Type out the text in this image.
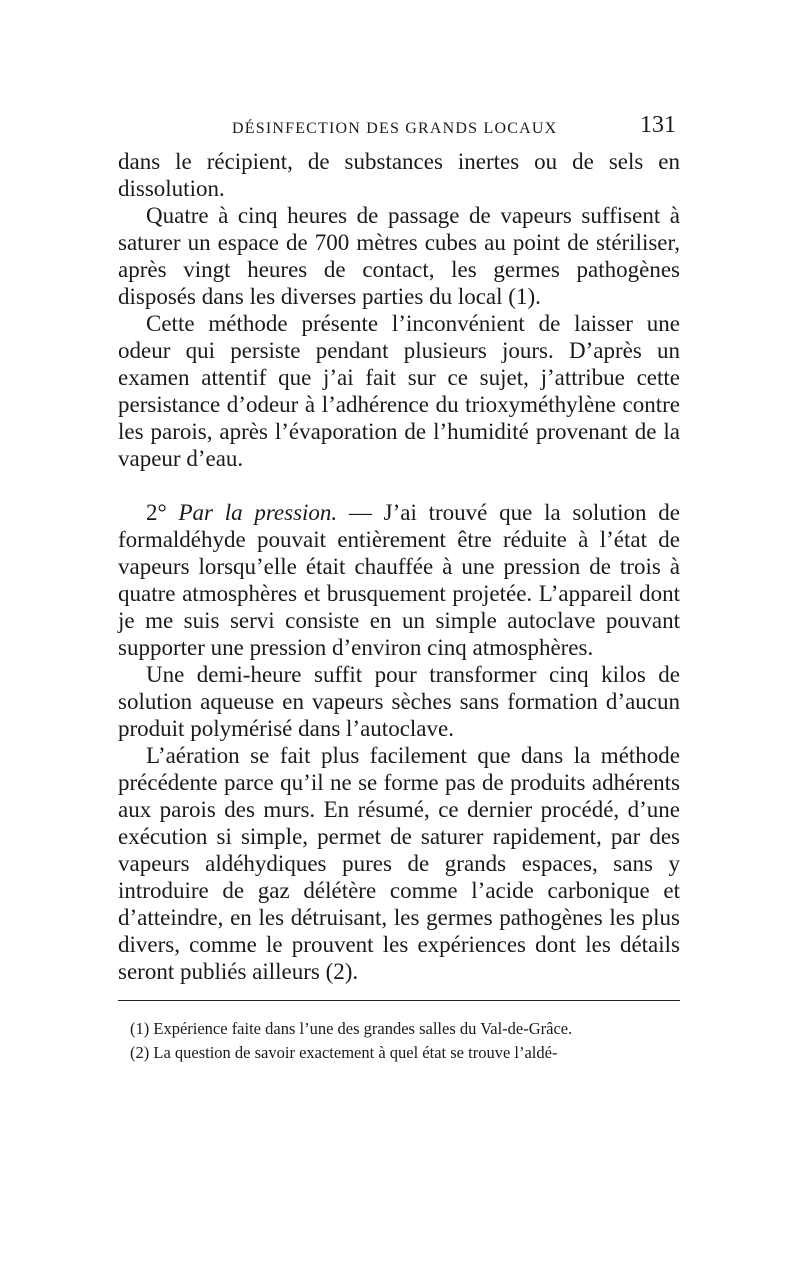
DÉSINFECTION DES GRANDS LOCAUX	131

dans le récipient, de substances inertes ou de sels en dissolution.

Quatre à cinq heures de passage de vapeurs suffisent à saturer un espace de 700 mètres cubes au point de stériliser, après vingt heures de contact, les germes pathogènes disposés dans les diverses parties du local (1).

Cette méthode présente l’inconvénient de laisser une odeur qui persiste pendant plusieurs jours. D’après un examen attentif que j’ai fait sur ce sujet, j’attribue cette persistance d’odeur à l’adhérence du trioxyméthylène contre les parois, après l’évaporation de l’humidité provenant de la vapeur d’eau.

2° Par la pression. — J’ai trouvé que la solution de formaldéhyde pouvait entièrement être réduite à l’état de vapeurs lorsqu’elle était chauffée à une pression de trois à quatre atmosphères et brusquement projetée. L’appareil dont je me suis servi consiste en un simple autoclave pouvant supporter une pression d’environ cinq atmosphères.

Une demi-heure suffit pour transformer cinq kilos de solution aqueuse en vapeurs sèches sans formation d’aucun produit polymérisé dans l’autoclave.

L’aération se fait plus facilement que dans la méthode précédente parce qu’il ne se forme pas de produits adhérents aux parois des murs. En résumé, ce dernier procédé, d’une exécution si simple, permet de saturer rapidement, par des vapeurs aldéhydiques pures de grands espaces, sans y introduire de gaz délétère comme l’acide carbonique et d’atteindre, en les détruisant, les germes pathogènes les plus divers, comme le prouvent les expériences dont les détails seront publiés ailleurs (2).

(1) Expérience faite dans l’une des grandes salles du Val-de-Grâce.

(2) La question de savoir exactement à quel état se trouve l’aldé-
